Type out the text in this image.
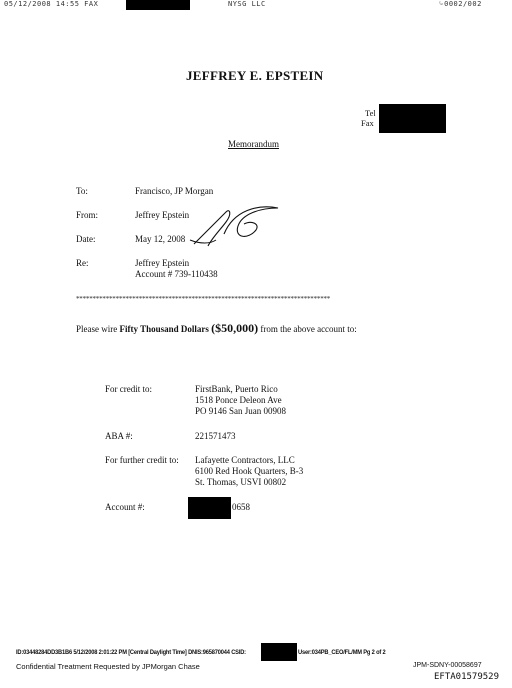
05/12/2008 14:55 FAX	NYSG LLC	␙0002/002
JEFFREY E. EPSTEIN
Tel
Fax
Memorandum
To:	Francisco, JP Morgan
From:	Jeffrey Epstein
Date:	May 12, 2008
Re:	Jeffrey Epstein
Account # 739-110438
*****************************************************************************
Please wire Fifty Thousand Dollars ($50,000) from the above account to:
For credit to:	FirstBank, Puerto Rico
1518 Ponce Deleon Ave
PO 9146 San Juan 00908
ABA #:	221571473
For further credit to: Lafayette Contractors, LLC
6100 Red Hook Quarters, B-3
St. Thomas, USVI 00802
Account #:	0658
ID:03448284DD3B1B6 5/12/2008 2:01:22 PM [Central Daylight Time] DNIS:965870044 CSID:	User:034PB_CEO/FL/MM Pg 2 of 2
Confidential Treatment Requested by JPMorgan Chase	JPM-SDNY-00058697
EFTA01579529
